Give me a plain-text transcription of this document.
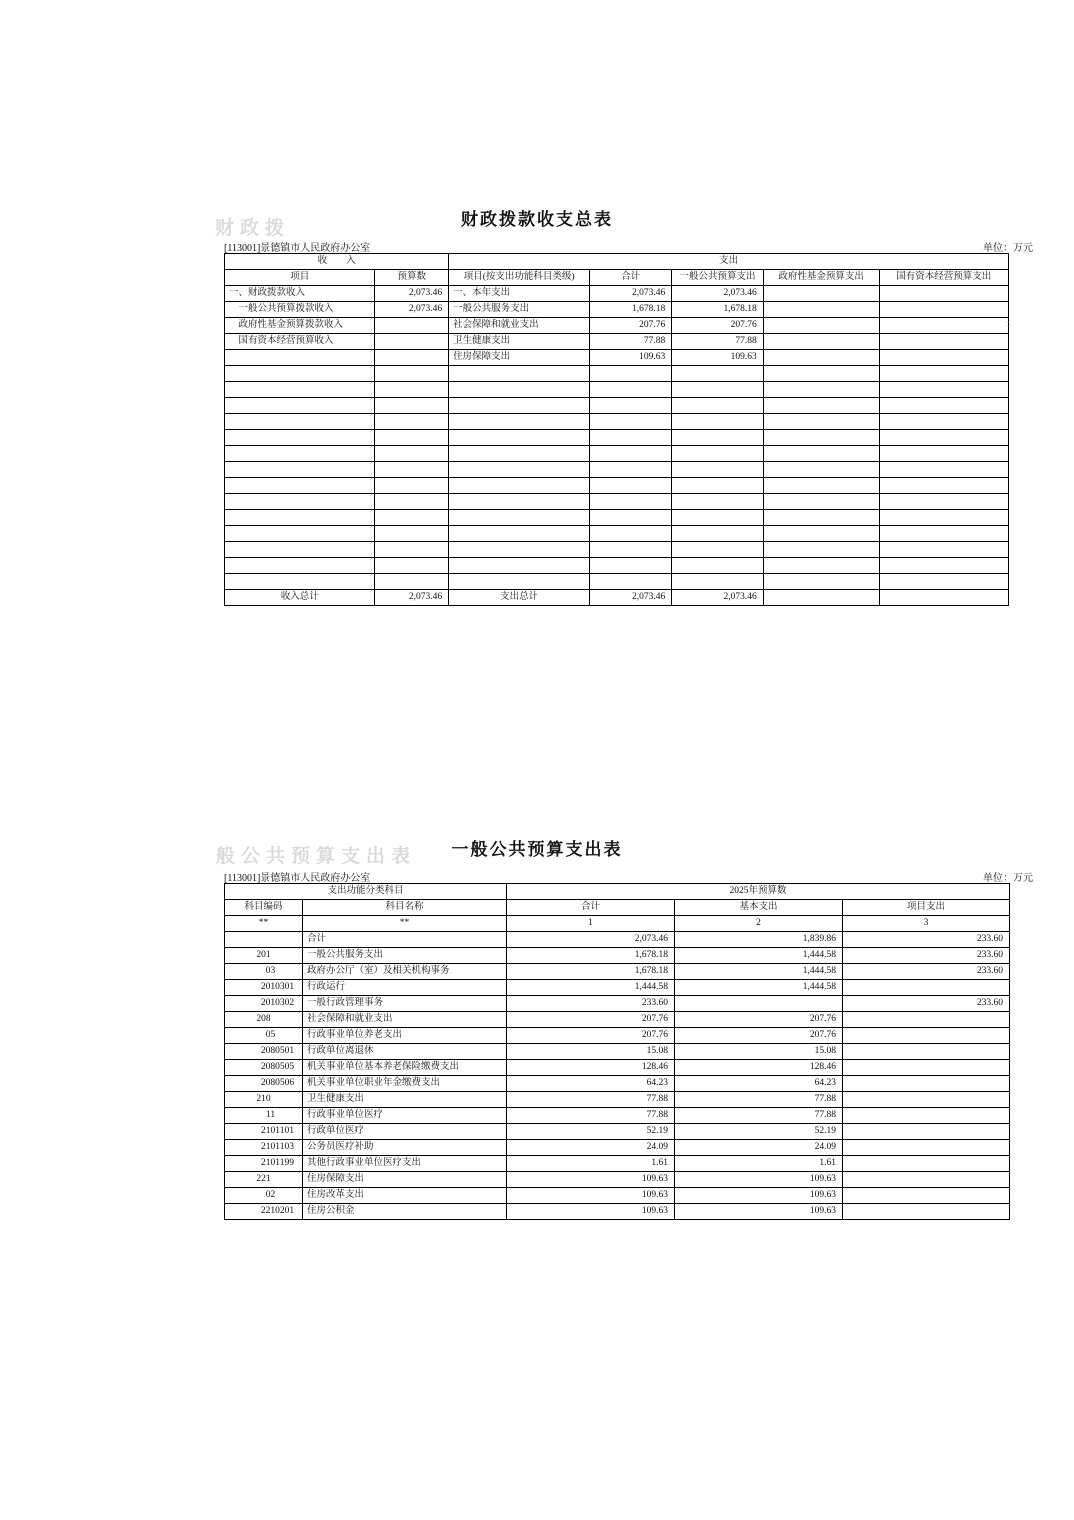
财政拨	财政拨款收支总表
[113001]景德镇市人民政府办公室	单位：万元
收　　入		支出				
项目	预算数	项目(按支出功能科目类级)	合计	一般公共预算支出	政府性基金预算支出	国有资本经营预算支出
一、财政拨款收入	2,073.46	一、本年支出	2,073.46	2,073.46		
　一般公共预算拨款收入	2,073.46	一般公共服务支出	1,678.18	1,678.18		
　政府性基金预算拨款收入		社会保障和就业支出	207.76	207.76		
　国有资本经营预算收入		卫生健康支出	77.88	77.88		
		住房保障支出	109.63	109.63		

收入总计	2,073.46	支出总计	2,073.46	2,073.46		
□
般公共预算支出表	一般公共预算支出表
[113001]景德镇市人民政府办公室	单位：万元
支出功能分类科目		2025年预算数		
科目编码	科目名称	合计	基本支出	项目支出
**	**	1	2	3
	合计	2,073.46	1,839.86	233.60
201	一般公共服务支出	1,678.18	1,444.58	233.60
03	政府办公厅（室）及相关机构事务	1,678.18	1,444.58	233.60
2010301	行政运行	1,444.58	1,444.58	
2010302	一般行政管理事务	233.60		233.60
208	社会保障和就业支出	207.76	207.76	
05	行政事业单位养老支出	207.76	207.76	
2080501	行政单位离退休	15.08	15.08	
2080505	机关事业单位基本养老保险缴费支出	128.46	128.46	
2080506	机关事业单位职业年金缴费支出	64.23	64.23	
210	卫生健康支出	77.88	77.88	
11	行政事业单位医疗	77.88	77.88	
2101101	行政单位医疗	52.19	52.19	
2101103	公务员医疗补助	24.09	24.09	
2101199	其他行政事业单位医疗支出	1.61	1.61	
221	住房保障支出	109.63	109.63	
02	住房改革支出	109.63	109.63	
2210201	住房公积金	109.63	109.63	
